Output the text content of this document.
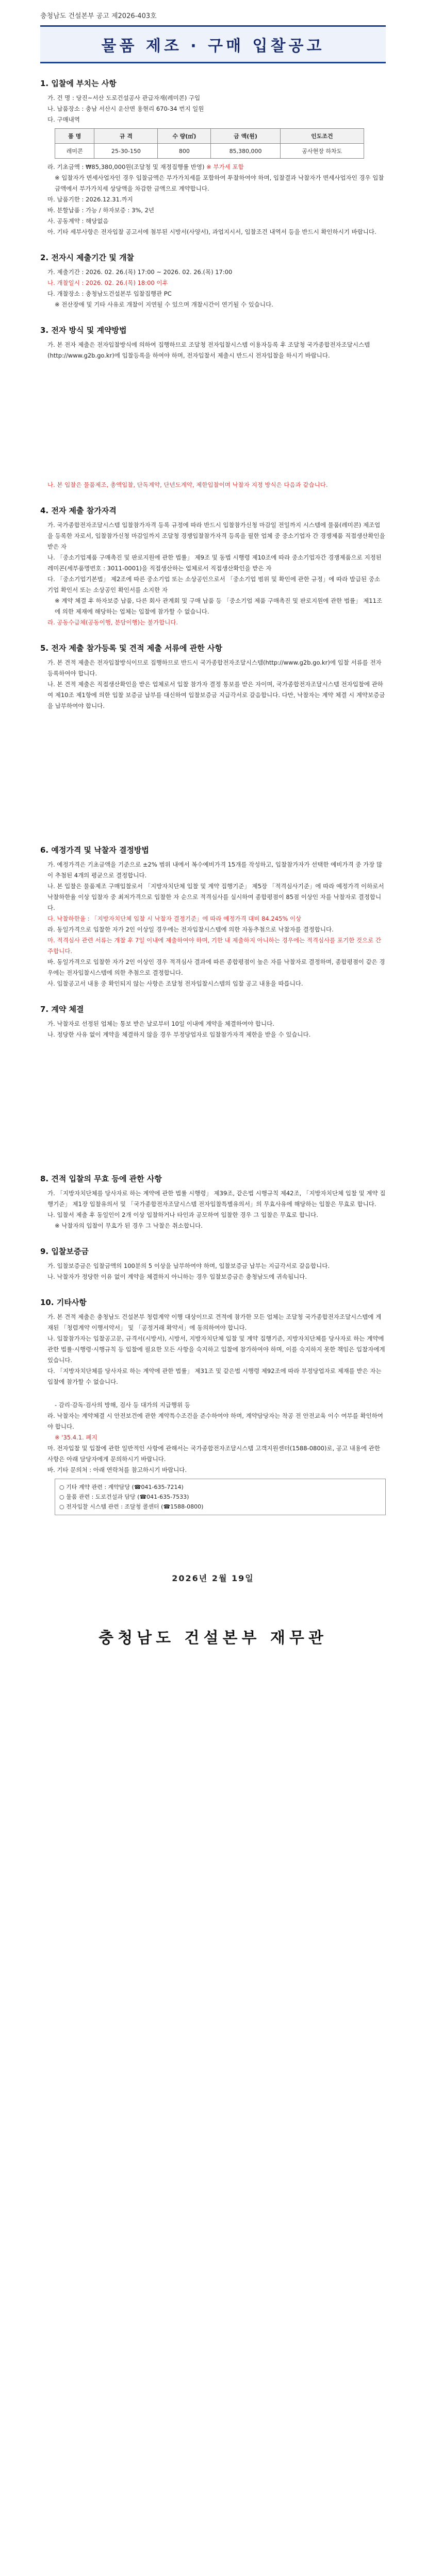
충청남도 건설본부 공고 제2026-403호
물품 제조 · 구매 입찰공고
1. 입찰에 부치는 사항

가. 건 명 : 당진~서산 도로건설공사 관급자재(레미콘) 구입

나. 납품장소 : 충남 서산시 운산면 용현리 670-34 번지 일원

다. 구매내역

품 명	규 격	수 량(㎥)	금 액(원)	인도조건
레미콘	25-30-150	800	85,380,000	공사현장 하차도

라. 기초금액 : ₩85,380,000원(조달청 및 재정집행률 반영) ※ 부가세 포함

※ 입찰자가 면세사업자인 경우 입찰금액은 부가가치세를 포함하여 투찰하여야 하며, 입찰결과 낙찰자가 면세사업자인 경우 입찰금액에서 부가가치세 상당액을 차감한 금액으로 계약합니다.

마. 납품기한 : 2026.12.31.까지

바. 분할납품 : 가능 / 하자보증 : 3%, 2년

사. 공동계약 : 해당없음

아. 기타 세부사항은 전자입찰 공고서에 첨부된 시방서(사양서), 과업지시서, 입찰조건 내역서 등을 반드시 확인하시기 바랍니다.

2. 전자시 제출기간 및 개찰

가. 제출기간 : 2026. 02. 26.(목) 17:00 ~ 2026. 02. 26.(목) 17:00

나. 개찰일시 : 2026. 02. 26.(목) 18:00 이후

다. 개찰장소 : 충청남도건설본부 입찰집행관 PC

※ 전산장애 및 기타 사유로 개찰이 지연될 수 있으며 개찰시간이 연기될 수 있습니다.

3. 전자 방식 및 계약방법

가. 본 전자 제출은 전자입찰방식에 의하여 집행하므로 조달청 전자입찰시스템 이용자등록 후 조달청 국가종합전자조달시스템(http://www.g2b.go.kr)에 입찰등록을 하여야 하며, 전자입찰서 제출시 반드시 전자입찰을 하시기 바랍니다.

나. 본 입찰은 물품제조, 총액입찰, 단독계약, 단년도계약, 제한입찰이며 낙찰자 지정 방식은 다음과 같습니다.

4. 전자 제출 참가자격

가. 국가종합전자조달시스템 입찰참가자격 등록 규정에 따라 반드시 입찰참가신청 마감일 전일까지 시스템에 물품(레미콘) 제조업을 등록한 자로서, 입찰참가신청 마감일까지 조달청 경쟁입찰참가자격 등록을 필한 업체 중 중소기업자 간 경쟁제품 직접생산확인을 받은 자

나. 「중소기업제품 구매촉진 및 판로지원에 관한 법률」 제9조 및 동법 시행령 제10조에 따라 중소기업자간 경쟁제품으로 지정된 레미콘(세부품명번호 : 3011-0001)을 직접생산하는 업체로서 직접생산확인을 받은 자

다. 「중소기업기본법」 제2조에 따른 중소기업 또는 소상공인으로서 「중소기업 범위 및 확인에 관한 규정」에 따라 발급된 중소기업 확인서 또는 소상공인 확인서를 소지한 자

※ 계약 체결 후 하자보증 납품, 다른 회사 관계회 및 구매 납품 등 「중소기업 제품 구매촉진 및 판로지원에 관한 법률」 제11조에 의한 제재에 해당하는 업체는 입찰에 참가할 수 없습니다.

라. 공동수급체(공동이행, 분담이행)는 불가합니다.

5. 전자 제출 참가등록 및 견적 제출 서류에 관한 사항

가. 본 견적 제출은 전자입찰방식이므로 집행하므로 반드시 국가종합전자조달시스템(http://www.g2b.go.kr)에 입찰 서류를 전자 등록하여야 합니다.

나. 본 견적 제출은 직접생산확인을 받은 업체로서 입찰 참가자 결정 통보를 받은 자이며, 국가종합전자조달시스템 전자입찰에 관하여 제10조 제1항에 의한 입찰 보증금 납부를 대신하여 입찰보증금 지급각서로 갈음합니다. 다만, 낙찰자는 계약 체결 시 계약보증금을 납부하여야 합니다.

6. 예정가격 및 낙찰자 결정방법

가. 예정가격은 기초금액을 기준으로 ±2% 범위 내에서 복수예비가격 15개를 작성하고, 입찰참가자가 선택한 예비가격 중 가장 많이 추첨된 4개의 평균으로 결정합니다.

나. 본 입찰은 물품제조 구매입찰로서 「지방자치단체 입찰 및 계약 집행기준」 제5장 「적격심사기준」에 따라 예정가격 이하로서 낙찰하한율 이상 입찰자 중 최저가격으로 입찰한 자 순으로 적격심사를 실시하여 종합평점이 85점 이상인 자를 낙찰자로 결정합니다.

다. 낙찰하한율 : 「지방자치단체 입찰 시 낙찰자 결정기준」에 따라 예정가격 대비 84.245% 이상

라. 동일가격으로 입찰한 자가 2인 이상일 경우에는 전자입찰시스템에 의한 자동추첨으로 낙찰자를 결정합니다.

마. 적격심사 관련 서류는 개찰 후 7일 이내에 제출하여야 하며, 기한 내 제출하지 아니하는 경우에는 적격심사를 포기한 것으로 간주합니다.

바. 동일가격으로 입찰한 자가 2인 이상인 경우 적격심사 결과에 따른 종합평점이 높은 자를 낙찰자로 결정하며, 종합평점이 같은 경우에는 전자입찰시스템에 의한 추첨으로 결정합니다.

사. 입찰공고서 내용 중 확인되지 않는 사항은 조달청 전자입찰시스템의 입찰 공고 내용을 따릅니다.

7. 계약 체결

가. 낙찰자로 선정된 업체는 통보 받은 날로부터 10일 이내에 계약을 체결하여야 합니다.

나. 정당한 사유 없이 계약을 체결하지 않을 경우 부정당업자로 입찰참가자격 제한을 받을 수 있습니다.

8. 견적 입찰의 무효 등에 관한 사항

가. 「지방자치단체를 당사자로 하는 계약에 관한 법률 시행령」 제39조, 같은법 시행규칙 제42조, 「지방자치단체 입찰 및 계약 집행기준」 제1장 입찰유의서 및 「국가종합전자조달시스템 전자입찰특별유의서」의 무효사유에 해당하는 입찰은 무효로 합니다.

나. 입찰서 제출 후 동일인이 2개 이상 입찰하거나 타인과 공모하여 입찰한 경우 그 입찰은 무효로 합니다.

※ 낙찰자의 입찰이 무효가 된 경우 그 낙찰은 취소합니다.

9. 입찰보증금

가. 입찰보증금은 입찰금액의 100분의 5 이상을 납부하여야 하며, 입찰보증금 납부는 지급각서로 갈음합니다.

나. 낙찰자가 정당한 이유 없이 계약을 체결하지 아니하는 경우 입찰보증금은 충청남도에 귀속됩니다.

10. 기타사항

가. 본 견적 제출은 충청남도 건설본부 청렴계약 이행 대상이므로 견적에 참가한 모든 업체는 조달청 국가종합전자조달시스템에 게재된 「청렴계약 이행서약서」 및 「공정거래 확약서」에 동의하여야 합니다.

나. 입찰참가자는 입찰공고문, 규격서(시방서), 시방서, 지방자치단체 입찰 및 계약 집행기준, 지방자치단체를 당사자로 하는 계약에 관한 법률·시행령·시행규칙 등 입찰에 필요한 모든 사항을 숙지하고 입찰에 참가하여야 하며, 이를 숙지하지 못한 책임은 입찰자에게 있습니다.

다. 「지방자치단체를 당사자로 하는 계약에 관한 법률」 제31조 및 같은법 시행령 제92조에 따라 부정당업자로 제재를 받은 자는 입찰에 참가할 수 없습니다.

- 감리·감독·검사의 방해, 검사 등 대가의 지급행위 등

라. 낙찰자는 계약체결 시 안전보건에 관한 계약특수조건을 준수하여야 하며, 계약담당자는 착공 전 안전교육 이수 여부를 확인하여야 합니다.

※ '35.4.1. 폐지

마. 전자입찰 및 입찰에 관한 일반적인 사항에 관해서는 국가종합전자조달시스템 고객지원센터(1588-0800)로, 공고 내용에 관한 사항은 아래 담당자에게 문의하시기 바랍니다.

바. 기타 문의처 : 아래 연락처를 참고하시기 바랍니다.

○ 기타 계약 관련 : 계약담당 (☎041-635-7214)
○ 물품 관련 : 도로건설과 담당 (☎041-635-7533)
○ 전자입찰 시스템 관련 : 조달청 콜센터 (☎1588-0800)
2026년 2월 19일
충청남도 건설본부 재무관
